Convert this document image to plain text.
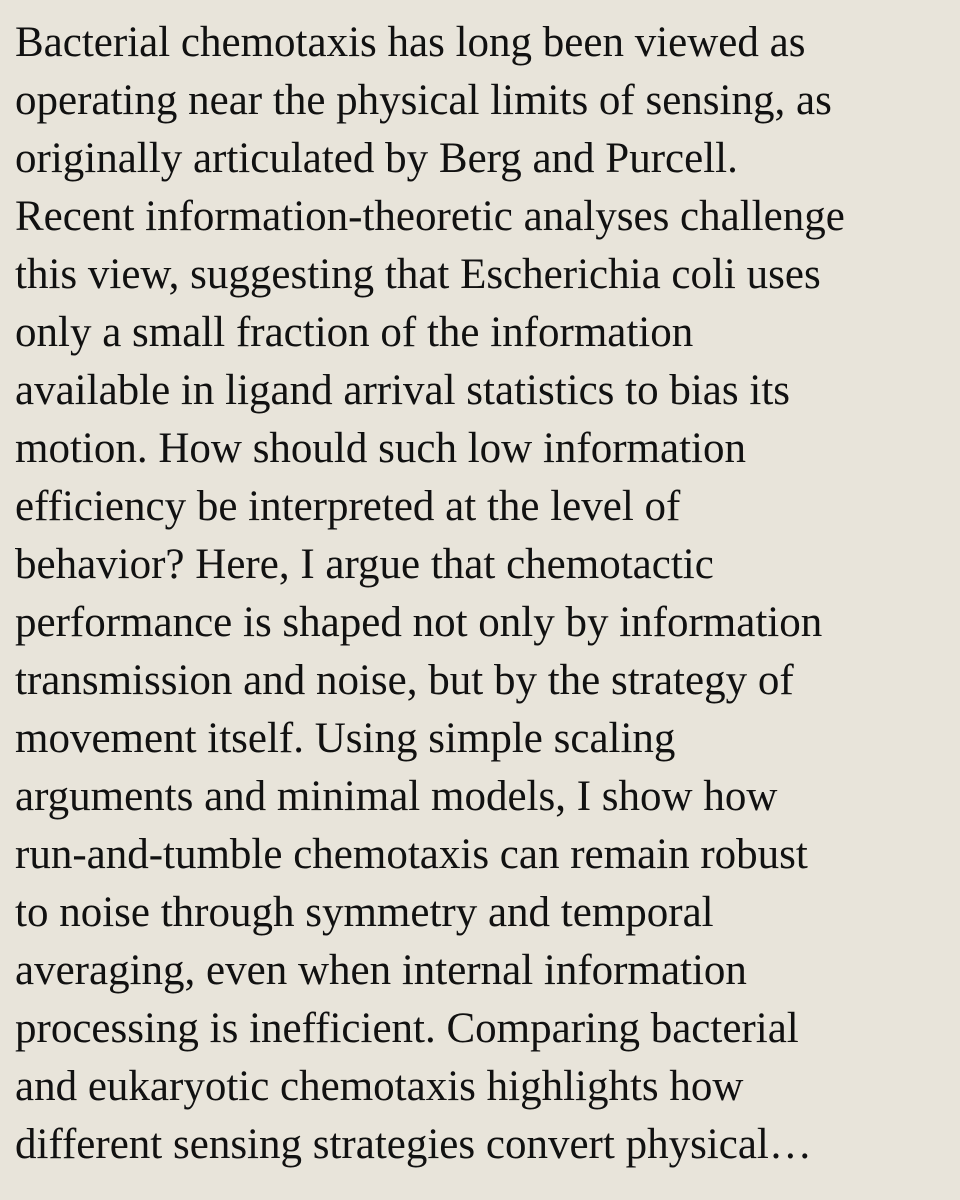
Bacterial chemotaxis has long been viewed as
operating near the physical limits of sensing, as
originally articulated by Berg and Purcell.
Recent information-theoretic analyses challenge
this view, suggesting that Escherichia coli uses
only a small fraction of the information
available in ligand arrival statistics to bias its
motion. How should such low information
efficiency be interpreted at the level of
behavior? Here, I argue that chemotactic
performance is shaped not only by information
transmission and noise, but by the strategy of
movement itself. Using simple scaling
arguments and minimal models, I show how
run-and-tumble chemotaxis can remain robust
to noise through symmetry and temporal
averaging, even when internal information
processing is inefficient. Comparing bacterial
and eukaryotic chemotaxis highlights how
different sensing strategies convert physical…
